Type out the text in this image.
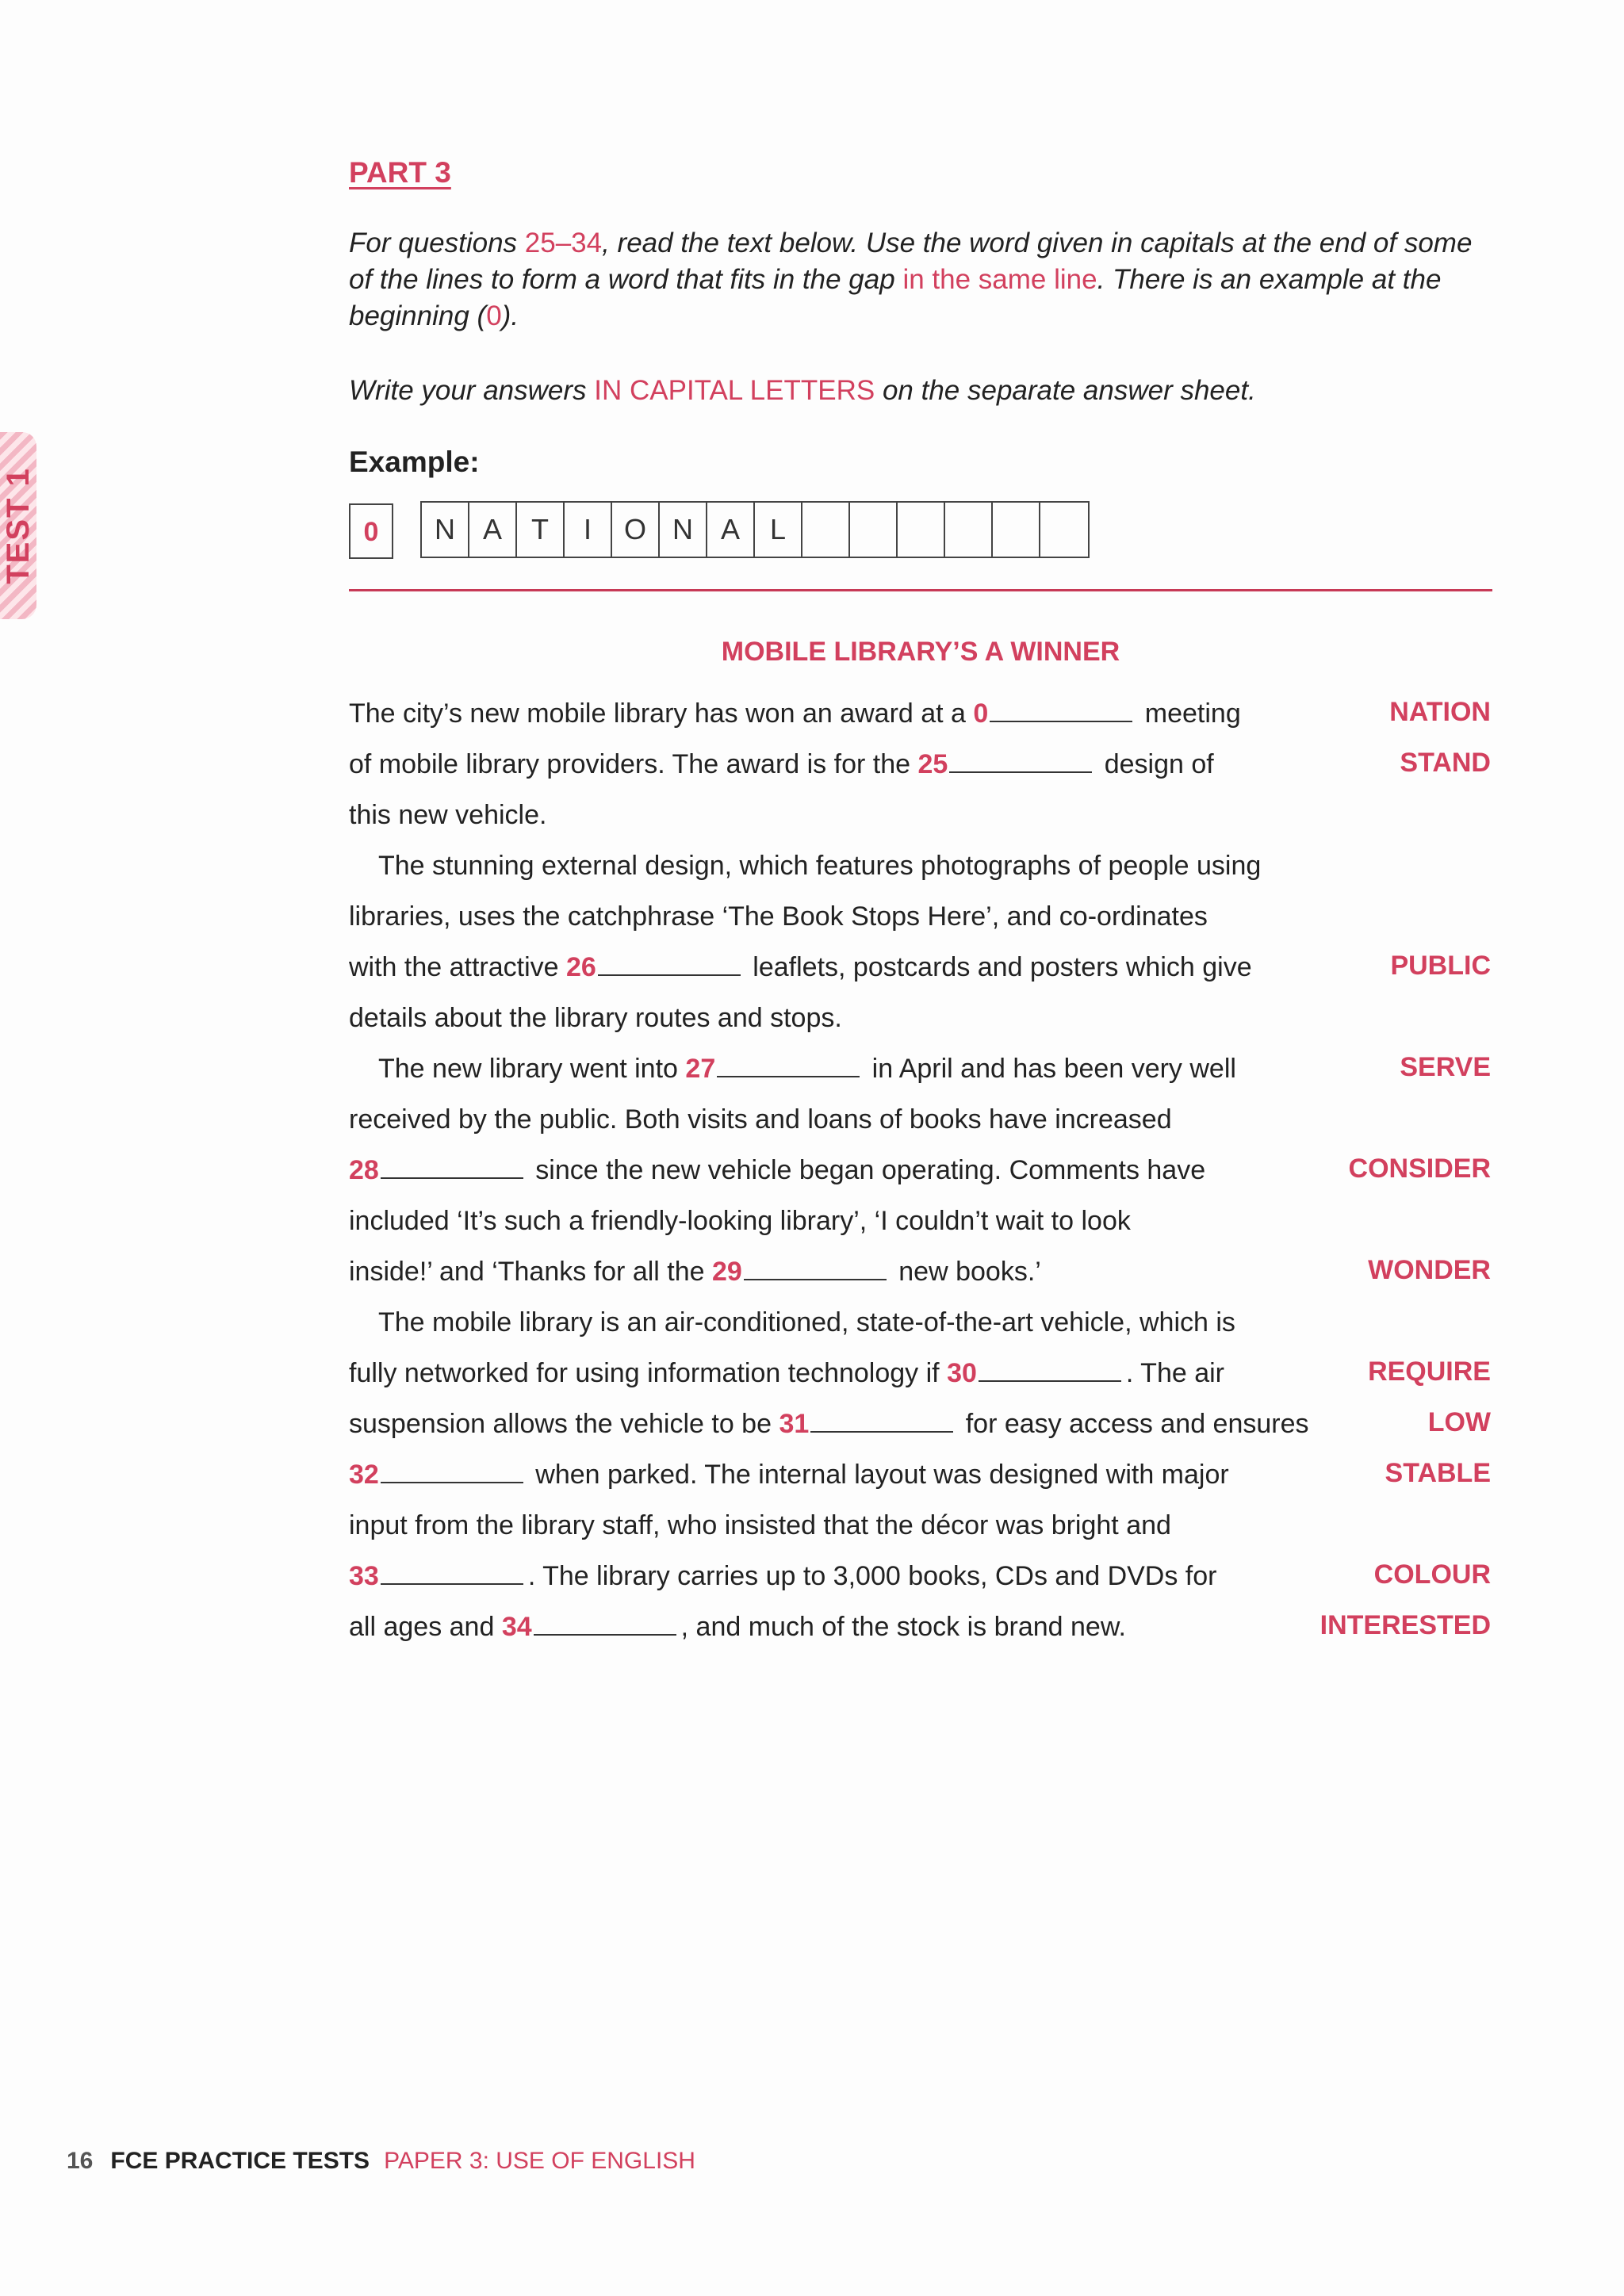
TEST 1
PART 3
For questions 25–34, read the text below. Use the word given in capitals at the end of some of the lines to form a word that fits in the gap in the same line. There is an example at the beginning (0).
Write your answers IN CAPITAL LETTERS on the separate answer sheet.
Example:
0	N A	T	I	O N A	L
MOBILE LIBRARY’S A WINNER
The city’s new mobile library has won an award at a 0	meeting
of mobile library providers. The award is for the 25	design of
this new vehicle.
The stunning external design, which features photographs of people using
libraries, uses the catchphrase ‘The Book Stops Here’, and co-ordinates
with the attractive 26	leaflets, postcards and posters which give
details about the library routes and stops.
The new library went into 27	in April and has been very well
received by the public. Both visits and loans of books have increased
28	since the new vehicle began operating. Comments have
included ‘It’s such a friendly-looking library’, ‘I couldn’t wait to look
inside!’ and ‘Thanks for all the 29	new books.’
The mobile library is an air-conditioned, state-of-the-art vehicle, which is
fully networked for using information technology if 30	. The air
suspension allows the vehicle to be 31	for easy access and ensures
32	when parked. The internal layout was designed with major
input from the library staff, who insisted that the décor was bright and
33	. The library carries up to 3,000 books, CDs and DVDs for
all ages and 34	, and much of the stock is brand new.
NATION
STAND
PUBLIC
SERVE
CONSIDER
WONDER
REQUIRE
LOW
STABLE
COLOUR
INTERESTED
16 FCE PRACTICE TESTS PAPER 3: USE OF ENGLISH
